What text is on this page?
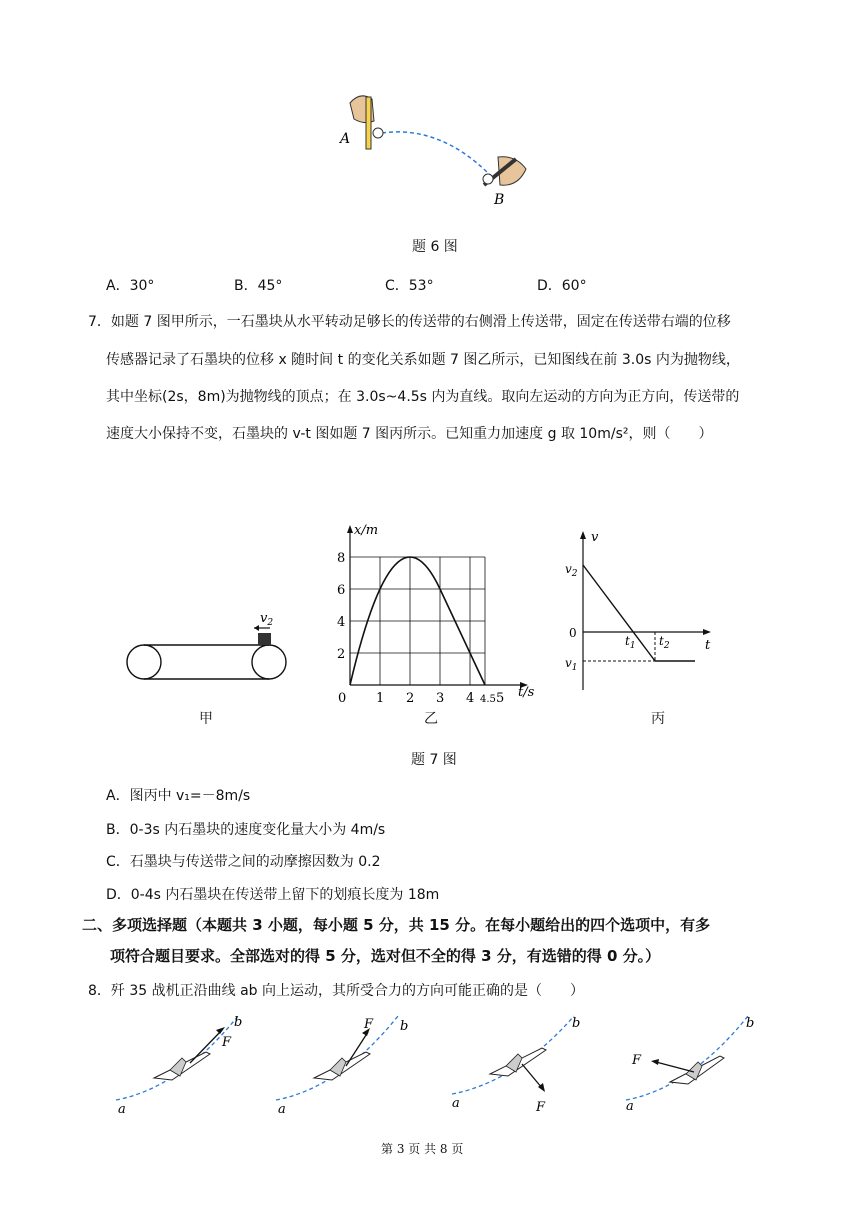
A
B
题 6 图
A．30°	B．45°	C．53°	D．60°
7．如题 7 图甲所示，一石墨块从水平转动足够长的传送带的右侧滑上传送带，固定在传送带右端的位移
传感器记录了石墨块的位移 x 随时间 t 的变化关系如题 7 图乙所示，已知图线在前 3.0s 内为抛物线，
其中坐标(2s，8m)为抛物线的顶点；在 3.0s~4.5s 内为直线。取向左运动的方向为正方向，传送带的
速度大小保持不变，石墨块的 v-t 图如题 7 图丙所示。已知重力加速度 g 取 10m/s²，则（　　）
$v_2$
甲
0 1 2 3 4 4.5 5
2
4
6
8
x/m
t/s
乙
v
t
0
$v_2$
$v_1$
$t_1$ $t_2$
丙
题 7 图
A．图丙中 v₁=－8m/s
B．0-3s 内石墨块的速度变化量大小为 4m/s
C．石墨块与传送带之间的动摩擦因数为 0.2
D．0-4s 内石墨块在传送带上留下的划痕长度为 18m
二、多项选择题（本题共 3 小题，每小题 5 分，共 15 分。在每小题给出的四个选项中，有多
项符合题目要求。全部选对的得 5 分，选对但不全的得 3 分，有选错的得 0 分。）
8．歼 35 战机正沿曲线 ab 向上运动，其所受合力的方向可能正确的是（　　）
a
b
F
a
b
F
a
b
F	a
b
F
第 3 页 共 8 页
